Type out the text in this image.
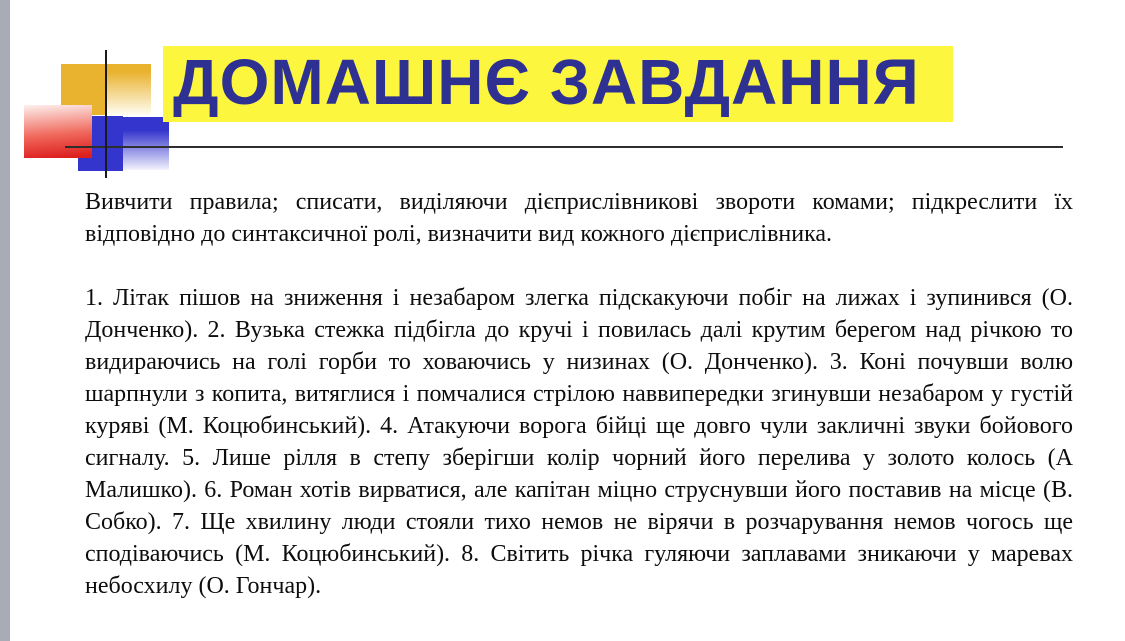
ДОМАШНЄ ЗАВДАННЯ

Вивчити правила; списати, виділяючи дієприслівникові звороти комами; підкреслити їх відповідно до синтаксичної ролі, визначити вид кожного дієприслівника.

1. Літак пішов на зниження і незабаром злегка підскакуючи побіг на лижах і зупинився (О. Донченко). 2. Вузька стежка підбігла до кручі і повилась далі крутим берегом над річкою то видираючись на голі горби то ховаючись у низинах (О. Донченко). 3. Коні почувши волю шарпнули з копита, витяглися і помчалися стрілою наввипередки згинувши незабаром у густій куряві (М. Коцюбинський). 4. Атакуючи ворога бійці ще довго чули закличні звуки бойового сигналу. 5. Лише рілля в степу зберігши колір чорний його перелива у золото колось (А Малишко). 6. Роман хотів вирватися, але капітан міцно струснувши його поставив на місце (В. Собко). 7. Ще хвилину люди стояли тихо немов не вірячи в розчарування немов чогось ще сподіваючись (М. Коцюбинський). 8. Світить річка гуляючи заплавами зникаючи у маревах небосхилу (О. Гончар).
